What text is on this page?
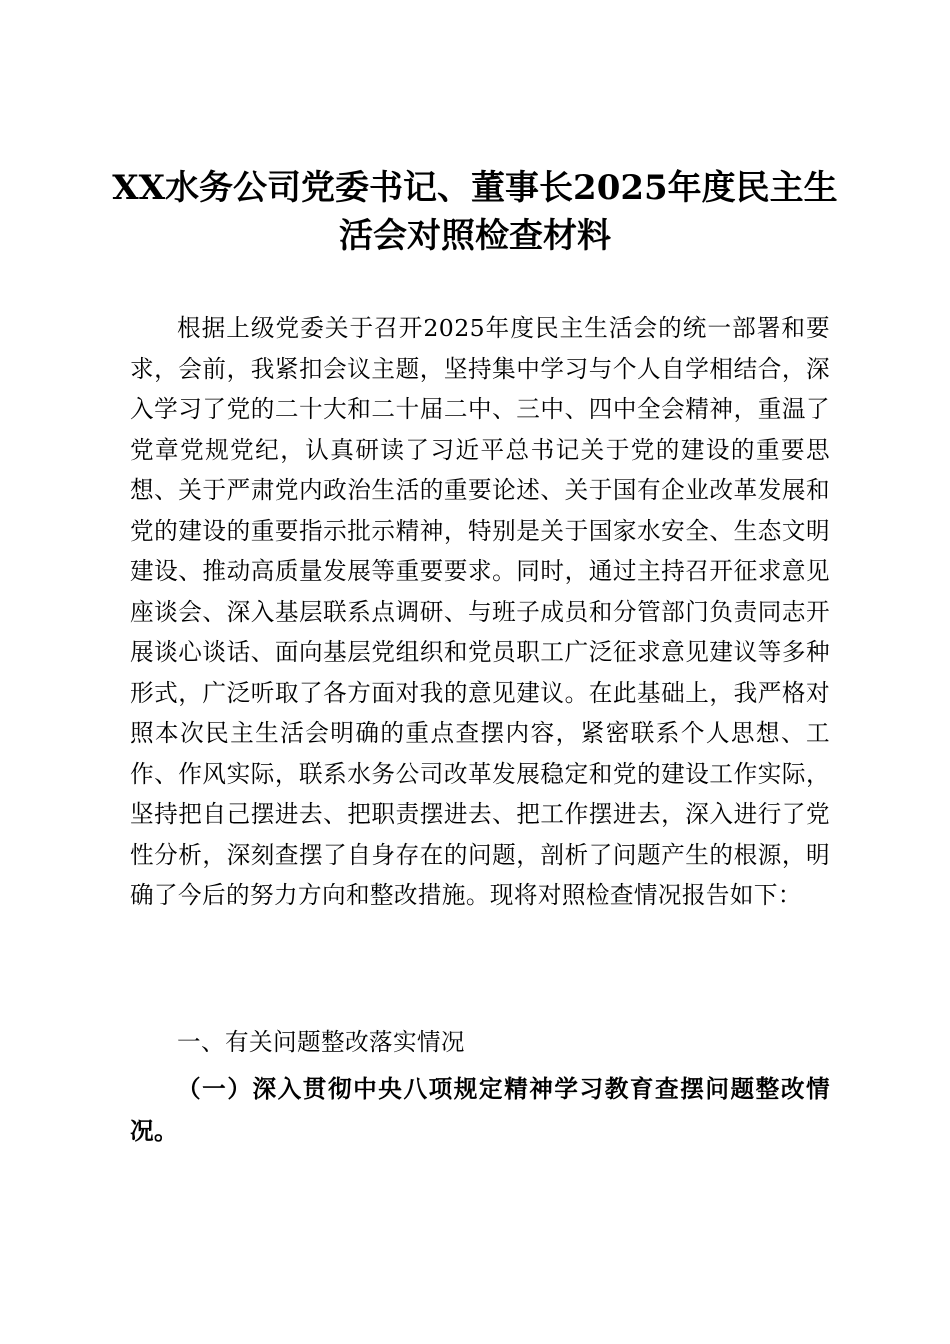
XX水务公司党委书记、董事长2025年度民主生活会对照检查材料

根据上级党委关于召开2025年度民主生活会的统一部署和要求，会前，我紧扣会议主题，坚持集中学习与个人自学相结合，深入学习了党的二十大和二十届二中、三中、四中全会精神，重温了党章党规党纪，认真研读了习近平总书记关于党的建设的重要思想、关于严肃党内政治生活的重要论述、关于国有企业改革发展和党的建设的重要指示批示精神，特别是关于国家水安全、生态文明建设、推动高质量发展等重要要求。同时，通过主持召开征求意见座谈会、深入基层联系点调研、与班子成员和分管部门负责同志开展谈心谈话、面向基层党组织和党员职工广泛征求意见建议等多种形式，广泛听取了各方面对我的意见建议。在此基础上，我严格对照本次民主生活会明确的重点查摆内容，紧密联系个人思想、工作、作风实际，联系水务公司改革发展稳定和党的建设工作实际，坚持把自己摆进去、把职责摆进去、把工作摆进去，深入进行了党性分析，深刻查摆了自身存在的问题，剖析了问题产生的根源，明确了今后的努力方向和整改措施。现将对照检查情况报告如下：

一、有关问题整改落实情况

（一）深入贯彻中央八项规定精神学习教育查摆问题整改情况。
